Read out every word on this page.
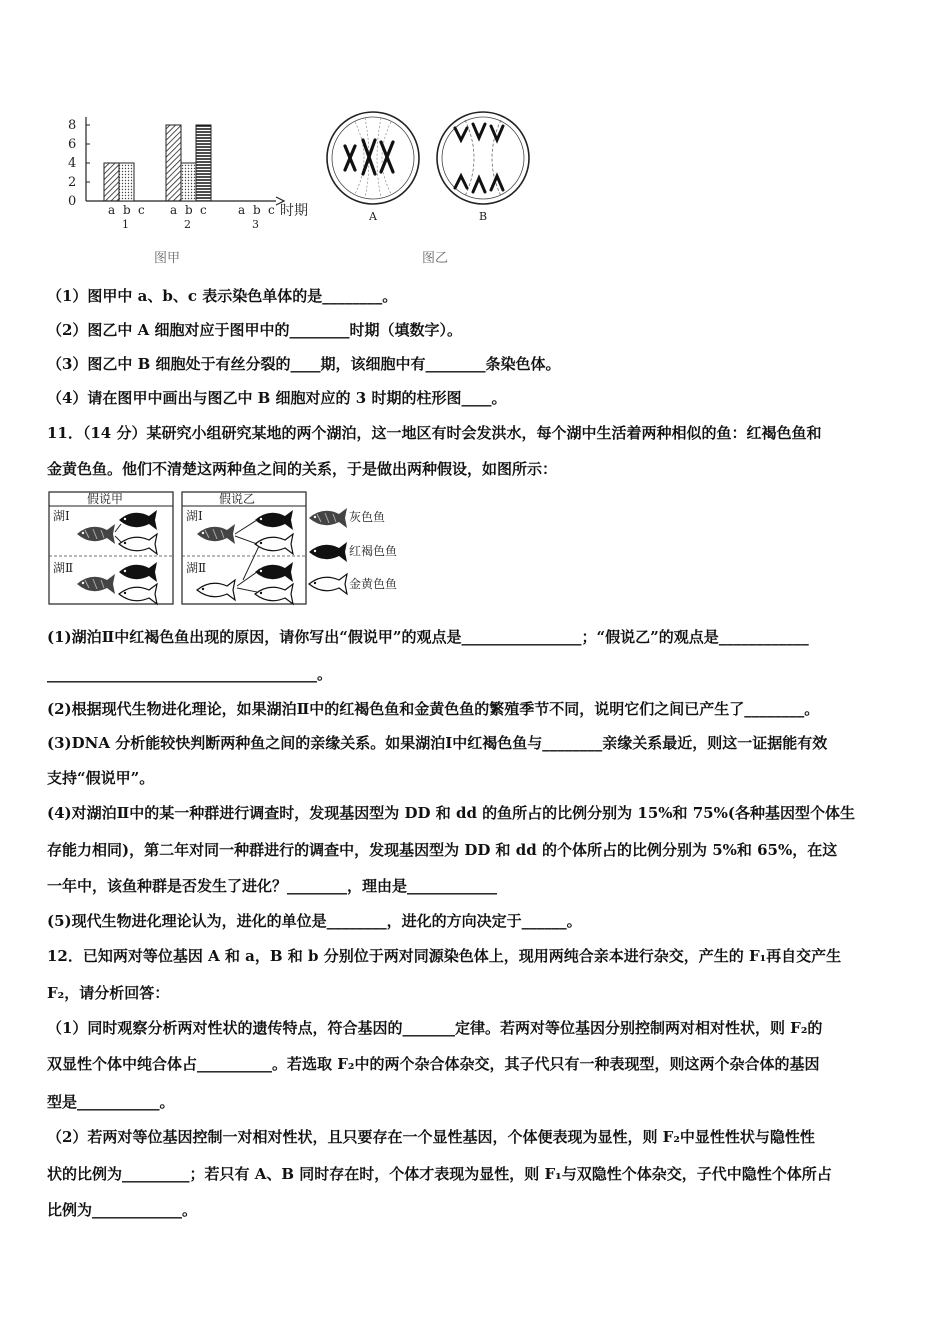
0
2
4
6
8
a b c
1
a b c
2
a b c
3
时期
图甲
A	B
图乙
假说甲
湖Ⅰ
湖Ⅱ
假说乙
湖Ⅰ
湖Ⅱ
灰色鱼
红褐色鱼
金黄色鱼
（1）图甲中 a、b、c 表示染色单体的是________。
（2）图乙中 A 细胞对应于图甲中的________时期（填数字）。
（3）图乙中 B 细胞处于有丝分裂的____期，该细胞中有________条染色体。
（4）请在图甲中画出与图乙中 B 细胞对应的 3 时期的柱形图____。
11．（14 分）某研究小组研究某地的两个湖泊，这一地区有时会发洪水，每个湖中生活着两种相似的鱼：红褐色鱼和
金黄色鱼。他们不清楚这两种鱼之间的关系，于是做出两种假设，如图所示：
(1)湖泊Ⅱ中红褐色鱼出现的原因，请你写出“假说甲”的观点是________________；“假说乙”的观点是____________
____________________________________。
(2)根据现代生物进化理论，如果湖泊Ⅱ中的红褐色鱼和金黄色鱼的繁殖季节不同，说明它们之间已产生了________。
(3)DNA 分析能较快判断两种鱼之间的亲缘关系。如果湖泊Ⅰ中红褐色鱼与________亲缘关系最近，则这一证据能有效
支持“假说甲”。
(4)对湖泊Ⅱ中的某一种群进行调查时，发现基因型为 DD 和 dd 的鱼所占的比例分别为 15%和 75%(各种基因型个体生
存能力相同)，第二年对同一种群进行的调查中，发现基因型为 DD 和 dd 的个体所占的比例分别为 5%和 65%，在这
一年中，该鱼种群是否发生了进化？________，理由是____________
(5)现代生物进化理论认为，进化的单位是________，进化的方向决定于______。
12．已知两对等位基因 A 和 a，B 和 b 分别位于两对同源染色体上，现用两纯合亲本进行杂交，产生的 F₁再自交产生
F₂，请分析回答：
（1）同时观察分析两对性状的遗传特点，符合基因的_______定律。若两对等位基因分别控制两对相对性状，则 F₂的
双显性个体中纯合体占__________。若选取 F₂中的两个杂合体杂交，其子代只有一种表现型，则这两个杂合体的基因
型是___________。
（2）若两对等位基因控制一对相对性状，且只要存在一个显性基因，个体便表现为显性，则 F₂中显性性状与隐性性
状的比例为_________；若只有 A、B 同时存在时，个体才表现为显性，则 F₁与双隐性个体杂交，子代中隐性个体所占
比例为____________。
